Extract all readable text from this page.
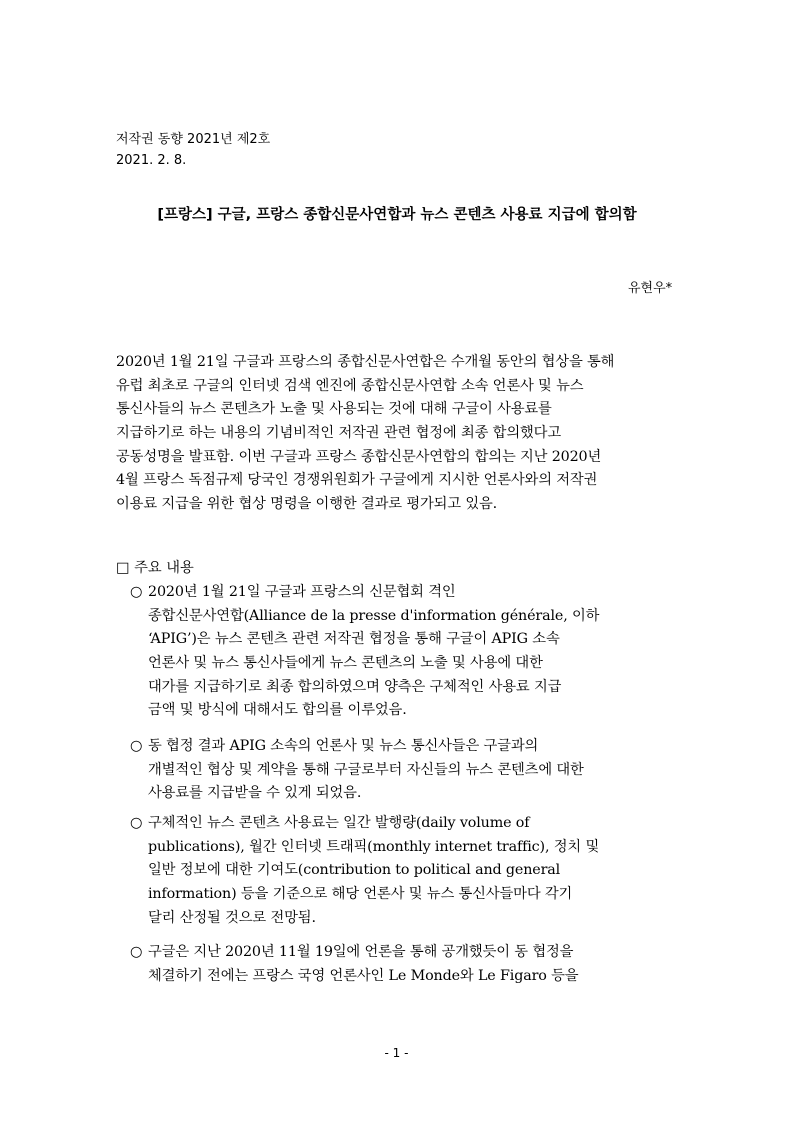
저작권 동향 2021년 제2호
2021. 2. 8.
[프랑스] 구글, 프랑스 종합신문사연합과 뉴스 콘텐츠 사용료 지급에 합의함
유현우*
2020년 1월 21일 구글과 프랑스의 종합신문사연합은 수개월 동안의 협상을 통해
유럽 최초로 구글의 인터넷 검색 엔진에 종합신문사연합 소속 언론사 및 뉴스
통신사들의 뉴스 콘텐츠가 노출 및 사용되는 것에 대해 구글이 사용료를
지급하기로 하는 내용의 기념비적인 저작권 관련 협정에 최종 합의했다고
공동성명을 발표함. 이번 구글과 프랑스 종합신문사연합의 합의는 지난 2020년
4월 프랑스 독점규제 당국인 경쟁위원회가 구글에게 지시한 언론사와의 저작권
이용료 지급을 위한 협상 명령을 이행한 결과로 평가되고 있음.
□ 주요 내용
○ 2020년 1월 21일 구글과 프랑스의 신문협회 격인
종합신문사연합(Alliance de la presse d'information générale, 이하
‘APIG’)은 뉴스 콘텐츠 관련 저작권 협정을 통해 구글이 APIG 소속
언론사 및 뉴스 통신사들에게 뉴스 콘텐츠의 노출 및 사용에 대한
대가를 지급하기로 최종 합의하였으며 양측은 구체적인 사용료 지급
금액 및 방식에 대해서도 합의를 이루었음.
○ 동 협정 결과 APIG 소속의 언론사 및 뉴스 통신사들은 구글과의
개별적인 협상 및 계약을 통해 구글로부터 자신들의 뉴스 콘텐츠에 대한
사용료를 지급받을 수 있게 되었음.
○ 구체적인 뉴스 콘텐츠 사용료는 일간 발행량(daily volume of
publications), 월간 인터넷 트래픽(monthly internet traffic), 정치 및
일반 정보에 대한 기여도(contribution to political and general
information) 등을 기준으로 해당 언론사 및 뉴스 통신사들마다 각기
달리 산정될 것으로 전망됨.
○ 구글은 지난 2020년 11월 19일에 언론을 통해 공개했듯이 동 협정을
체결하기 전에는 프랑스 국영 언론사인 Le Monde와 Le Figaro 등을
- 1 -
